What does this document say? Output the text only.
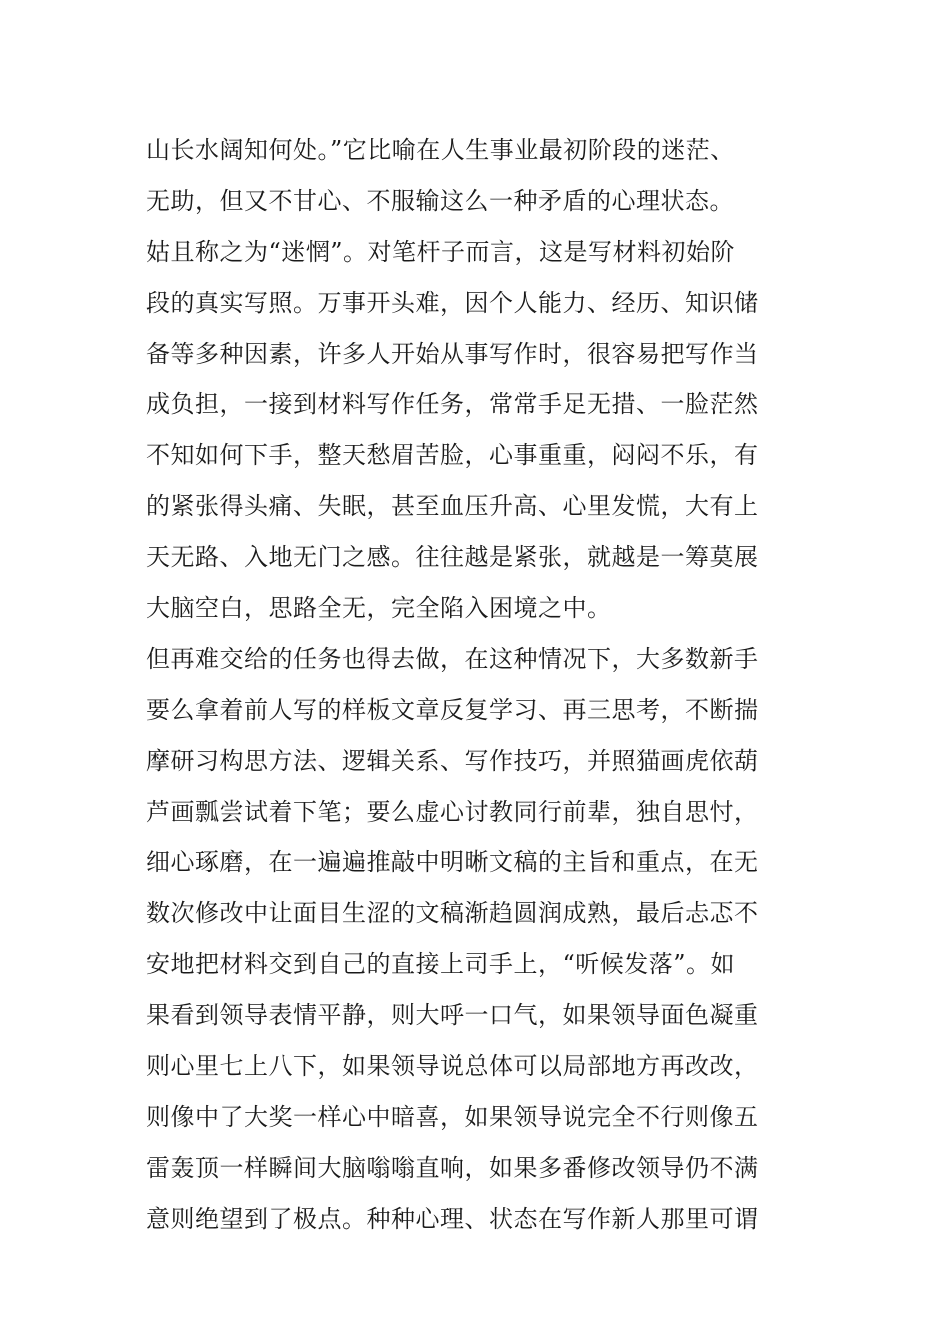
山长水阔知何处。”它比喻在人生事业最初阶段的迷茫、
无助，但又不甘心、不服输这么一种矛盾的心理状态。
姑且称之为“迷惘”。对笔杆子而言，这是写材料初始阶
段的真实写照。万事开头难，因个人能力、经历、知识储
备等多种因素，许多人开始从事写作时，很容易把写作当
成负担，一接到材料写作任务，常常手足无措、一脸茫然
不知如何下手，整天愁眉苦脸，心事重重，闷闷不乐，有
的紧张得头痛、失眠，甚至血压升高、心里发慌，大有上
天无路、入地无门之感。往往越是紧张，就越是一筹莫展
大脑空白，思路全无，完全陷入困境之中。
但再难交给的任务也得去做，在这种情况下，大多数新手
要么拿着前人写的样板文章反复学习、再三思考，不断揣
摩研习构思方法、逻辑关系、写作技巧，并照猫画虎依葫
芦画瓢尝试着下笔；要么虚心讨教同行前辈，独自思忖，
细心琢磨，在一遍遍推敲中明晰文稿的主旨和重点，在无
数次修改中让面目生涩的文稿渐趋圆润成熟，最后忐忑不
安地把材料交到自己的直接上司手上，“听候发落”。如
果看到领导表情平静，则大呼一口气，如果领导面色凝重
则心里七上八下，如果领导说总体可以局部地方再改改，
则像中了大奖一样心中暗喜，如果领导说完全不行则像五
雷轰顶一样瞬间大脑嗡嗡直响，如果多番修改领导仍不满
意则绝望到了极点。种种心理、状态在写作新人那里可谓
